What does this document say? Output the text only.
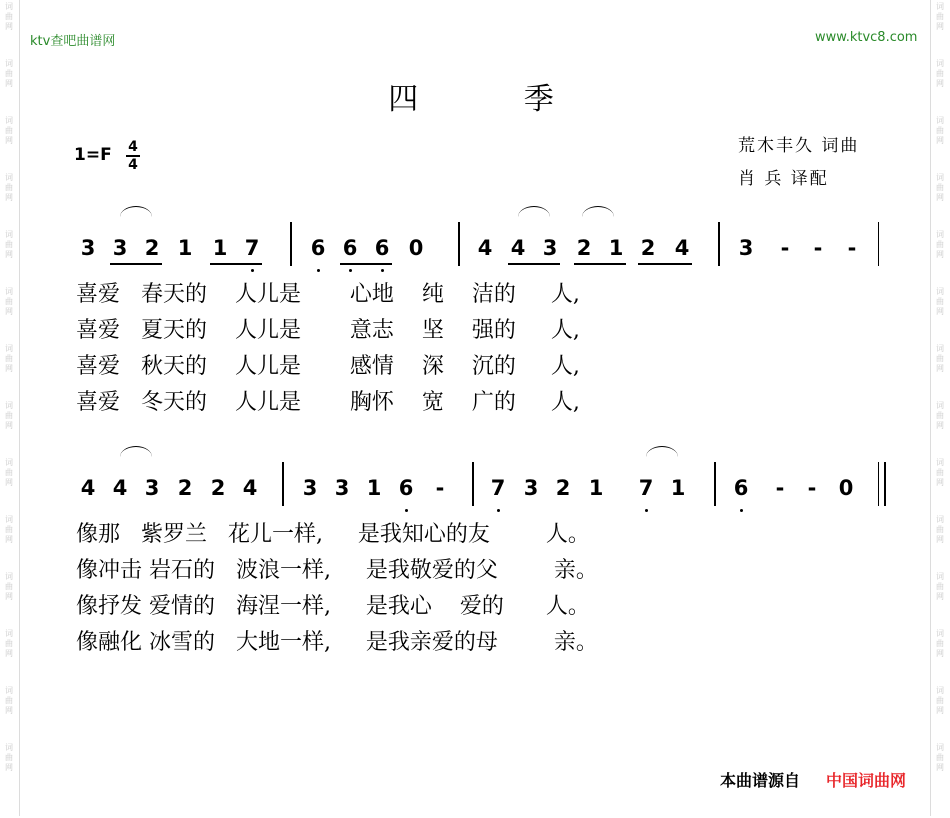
词
曲
网
词
曲
网
词
曲
网
词
曲
网
词
曲
网
词
曲
网
词
曲
网
词
曲
网
词
曲
网
词
曲
网
词
曲
网
词
曲
网
词
曲
网
词
曲
网
词
曲
网
词
曲
网
词
曲
网
词
曲
网
词
曲
网
词
曲
网
词
曲
网
词
曲
网
词
曲
网
词
曲
网
词
曲
网
词
曲
网
词
曲
网
词
曲
网
ktv查吧曲谱网	www.ktvc8.com
四 季
1=F 4
4
荒木丰久 词曲
肖 兵 译配
3 3 2 1 1 7 6 6 6 0	4 4 3 2 1 2 4 3 - - -
喜爱   春天的    人儿是       心地    纯    洁的     人,
喜爱   夏天的    人儿是       意志    坚    强的     人,
喜爱   秋天的    人儿是       感情    深    沉的     人,
喜爱   冬天的    人儿是       胸怀    宽    广的     人,
4 4 3 2 2 4 3 3 1 6 - 7 3 2 1 7 1 6 - - 0
像那   紫罗兰   花儿一样,     是我知心的友        人。
像冲击 岩石的   波浪一样,     是我敬爱的父        亲。
像抒发 爱情的   海涅一样,     是我心    爱的      人。
像融化 冰雪的   大地一样,     是我亲爱的母        亲。
本曲谱源自 中国词曲网
